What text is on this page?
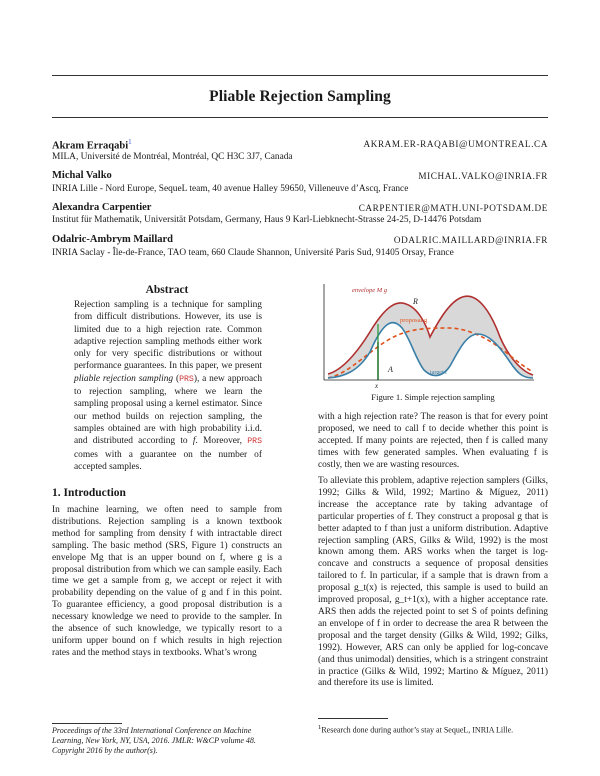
Pliable Rejection Sampling
Akram Erraqabi$^1$	AKRAM.ER-RAQABI@UMONTREAL.CA
MILA, Université de Montréal, Montréal, QC H3C 3J7, Canada
Michal Valko	MICHAL.VALKO@INRIA.FR
INRIA Lille - Nord Europe, SequeL team, 40 avenue Halley 59650, Villeneuve d’Ascq, France
Alexandra Carpentier	CARPENTIER@MATH.UNI-POTSDAM.DE
Institut für Mathematik, Universität Potsdam, Germany, Haus 9 Karl-Liebknecht-Strasse 24-25, D-14476 Potsdam
Odalric-Ambrym Maillard	ODALRIC.MAILLARD@INRIA.FR
INRIA Saclay - Île-de-France, TAO team, 660 Claude Shannon, Université Paris Sud, 91405 Orsay, France
Abstract
Rejection sampling is a technique for sampling from difficult distributions. However, its use is limited due to a high rejection rate. Common adaptive rejection sampling methods either work only for very specific distributions or without performance guarantees. In this paper, we present pliable rejection sampling (PRS), a new approach to rejection sampling, where we learn the sampling proposal using a kernel estimator. Since our method builds on rejection sampling, the samples obtained are with high probability i.i.d. and distributed according to f. Moreover, PRS comes with a guarantee on the number of accepted samples.
envelope M g
R
proposal g
A	target f
x
Figure 1. Simple rejection sampling
1. Introduction
In machine learning, we often need to sample from distributions. Rejection sampling is a known textbook method for sampling from density f with intractable direct sampling. The basic method (SRS, Figure 1) constructs an envelope Mg that is an upper bound on f, where g is a proposal distribution from which we can sample easily. Each time we get a sample from g, we accept or reject it with probability depending on the value of g and f in this point. To guarantee efficiency, a good proposal distribution is a necessary knowledge we need to provide to the sampler. In the absence of such knowledge, we typically resort to a uniform upper bound on f which results in high rejection rates and the method stays in textbooks. What’s wrong
with a high rejection rate? The reason is that for every point proposed, we need to call f to decide whether this point is accepted. If many points are rejected, then f is called many times with few generated samples. When evaluating f is costly, then we are wasting resources.
To alleviate this problem, adaptive rejection samplers (Gilks, 1992; Gilks & Wild, 1992; Martino & Míguez, 2011) increase the acceptance rate by taking advantage of particular properties of f. They construct a proposal g that is better adapted to f than just a uniform distribution. Adaptive rejection sampling (ARS, Gilks & Wild, 1992) is the most known among them. ARS works when the target is log-concave and constructs a sequence of proposal densities tailored to f. In particular, if a sample that is drawn from a proposal g_t(x) is rejected, this sample is used to build an improved proposal, g_t+1(x), with a higher acceptance rate. ARS then adds the rejected point to set S of points defining an envelope of f in order to decrease the area R between the proposal and the target density (Gilks & Wild, 1992; Gilks, 1992). However, ARS can only be applied for log-concave (and thus unimodal) densities, which is a stringent constraint in practice (Gilks & Wild, 1992; Martino & Míguez, 2011) and therefore its use is limited.
Proceedings of the 33rd International Conference on Machine Learning, New York, NY, USA, 2016. JMLR: W&CP volume 48. Copyright 2016 by the author(s).
$^1$Research done during author’s stay at SequeL, INRIA Lille.
